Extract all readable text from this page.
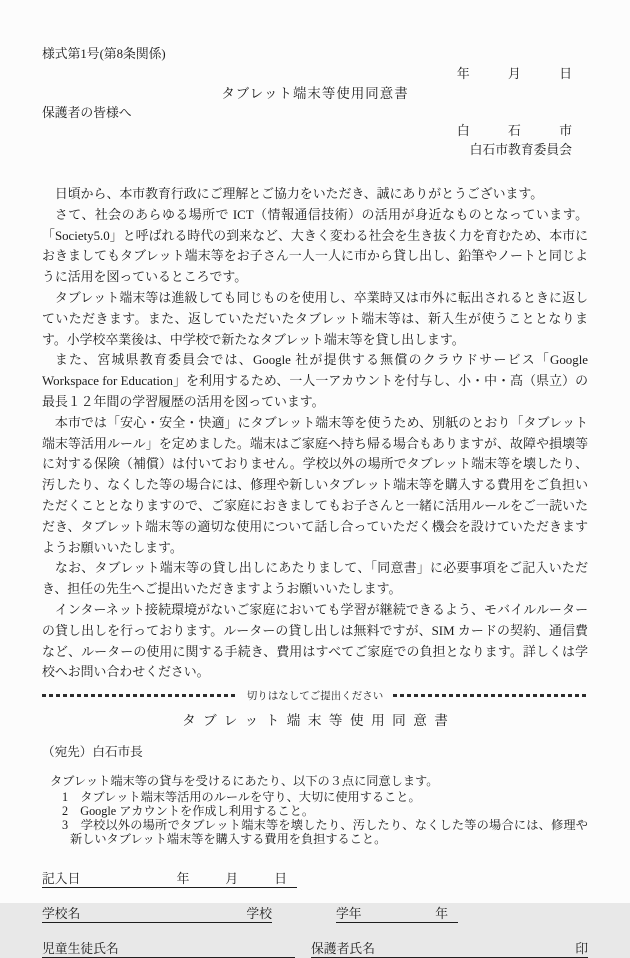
様式第1号(第8条関係)
年　　　月　　　日
タブレット端末等使用同意書
保護者の皆様へ
白　　　石　　　市
白石市教育委員会

日頃から、本市教育行政にご理解とご協力をいただき、誠にありがとうございます。

さて、社会のあらゆる場所で ICT（情報通信技術）の活用が身近なものとなっています。「Society5.0」と呼ばれる時代の到来など、大きく変わる社会を生き抜く力を育むため、本市におきましてもタブレット端末等をお子さん一人一人に市から貸し出し、鉛筆やノートと同じように活用を図っているところです。

タブレット端末等は進級しても同じものを使用し、卒業時又は市外に転出されるときに返していただきます。また、返していただいたタブレット端末等は、新入生が使うこととなります。小学校卒業後は、中学校で新たなタブレット端末等を貸し出します。

また、宮城県教育委員会では、Google 社が提供する無償のクラウドサービス「Google Workspace for Education」を利用するため、一人一アカウントを付与し、小・中・高（県立）の最長１２年間の学習履歴の活用を図っています。

本市では「安心・安全・快適」にタブレット端末等を使うため、別紙のとおり「タブレット端末等活用ルール」を定めました。端末はご家庭へ持ち帰る場合もありますが、故障や損壊等に対する保険（補償）は付いておりません。学校以外の場所でタブレット端末等を壊したり、汚したり、なくした等の場合には、修理や新しいタブレット端末等を購入する費用をご負担いただくこととなりますので、ご家庭におきましてもお子さんと一緒に活用ルールをご一読いただき、タブレット端末等の適切な使用について話し合っていただく機会を設けていただきますようお願いいたします。

なお、タブレット端末等の貸し出しにあたりまして、「同意書」に必要事項をご記入いただき、担任の先生へご提出いただきますようお願いいたします。

インターネット接続環境がないご家庭においても学習が継続できるよう、モバイルルーターの貸し出しを行っております。ルーターの貸し出しは無料ですが、SIM カードの契約、通信費など、ルーターの使用に関する手続き、費用はすべてご家庭での負担となります。詳しくは学校へお問い合わせください。

切りはなしてご提出ください
タブレット端末等使用同意書
（宛先）白石市長
タブレット端末等の貸与を受けるにあたり、以下の３点に同意します。
1　タブレット端末等活用のルールを守り、大切に使用すること。
2　Google アカウントを作成し利用すること。
3　学校以外の場所でタブレット端末等を壊したり、汚したり、なくした等の場合には、修理や新しいタブレット端末等を購入する費用を負担すること。
記入日	年	月	日
学校名	学校	学年	年
児童生徒氏名	保護者氏名	印
